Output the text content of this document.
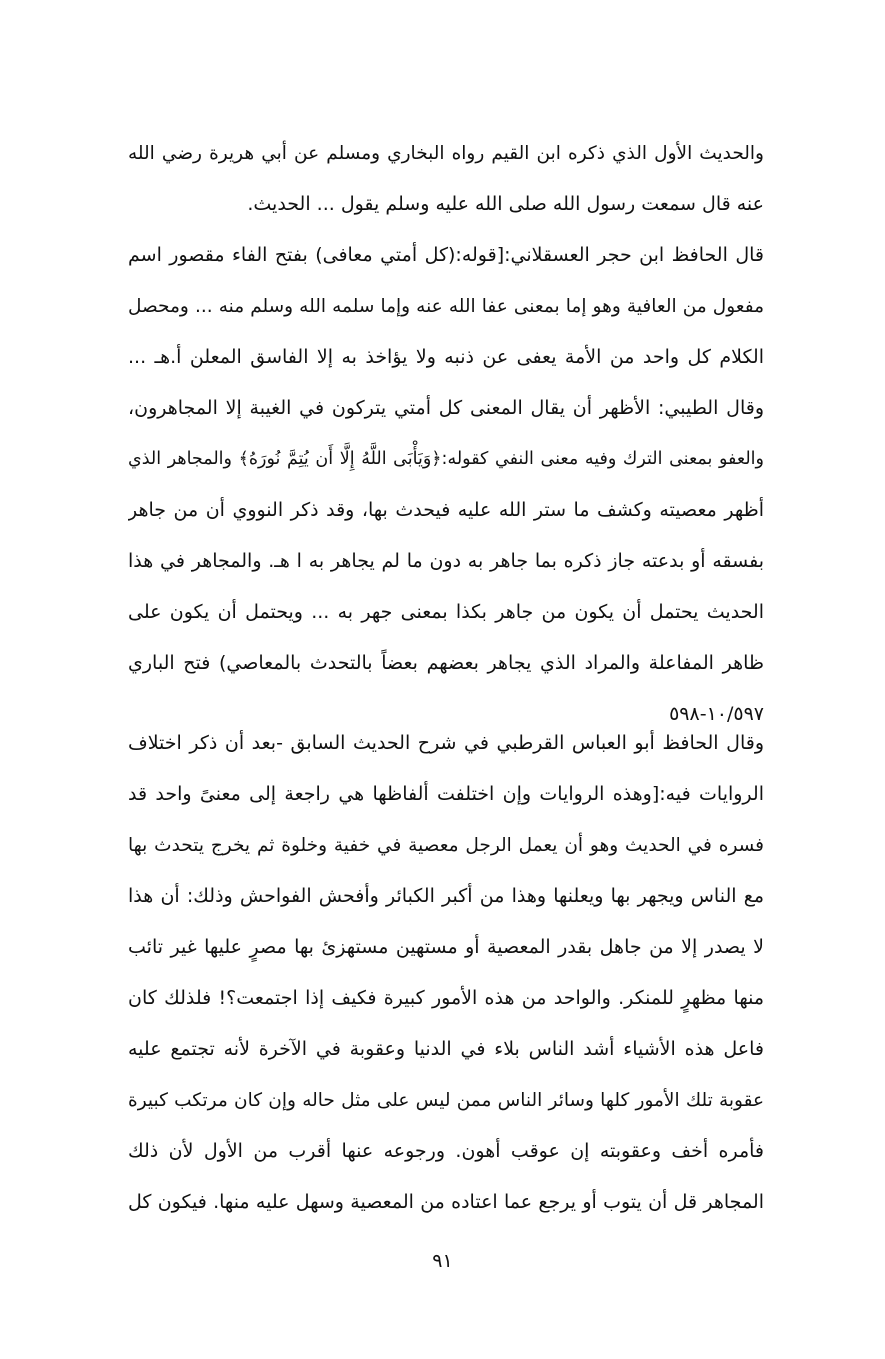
والحديث الأول الذي ذكره ابن القيم رواه البخاري ومسلم عن أبي هريرة رضي الله
عنه قال سمعت رسول الله صلى الله عليه وسلم يقول ... الحديث.
قال الحافظ ابن حجر العسقلاني:[قوله:(كل أمتي معافى) بفتح الفاء مقصور اسم
مفعول من العافية وهو إما بمعنى عفا الله عنه وإما سلمه الله وسلم منه ... ومحصل
الكلام كل واحد من الأمة يعفى عن ذنبه ولا يؤاخذ به إلا الفاسق المعلن أ.هـ ...
وقال الطيبي: الأظهر أن يقال المعنى كل أمتي يتركون في الغيبة إلا المجاهرون،
والعفو بمعنى الترك وفيه معنى النفي كقوله:﴿وَيَأْبَى اللَّهُ إِلَّا أَن يُتِمَّ نُورَهُ﴾ والمجاهر الذي
أظهر معصيته وكشف ما ستر الله عليه فيحدث بها، وقد ذكر النووي أن من جاهر
بفسقه أو بدعته جاز ذكره بما جاهر به دون ما لم يجاهر به ا هـ. والمجاهر في هذا
الحديث يحتمل أن يكون من جاهر بكذا بمعنى جهر به ... ويحتمل أن يكون على
ظاهر المفاعلة والمراد الذي يجاهر بعضهم بعضاً بالتحدث بالمعاصي) فتح الباري
١٠/٥٩٧-٥٩٨
وقال الحافظ أبو العباس القرطبي في شرح الحديث السابق -بعد أن ذكر اختلاف
الروايات فيه:[وهذه الروايات وإن اختلفت ألفاظها هي راجعة إلى معنىً واحد قد
فسره في الحديث وهو أن يعمل الرجل معصية في خفية وخلوة ثم يخرج يتحدث بها
مع الناس ويجهر بها ويعلنها وهذا من أكبر الكبائر وأفحش الفواحش وذلك: أن هذا
لا يصدر إلا من جاهل بقدر المعصية أو مستهين مستهزئ بها مصرٍ عليها غير تائب
منها مظهرٍ للمنكر. والواحد من هذه الأمور كبيرة فكيف إذا اجتمعت؟! فلذلك كان
فاعل هذه الأشياء أشد الناس بلاء في الدنيا وعقوبة في الآخرة لأنه تجتمع عليه
عقوبة تلك الأمور كلها وسائر الناس ممن ليس على مثل حاله وإن كان مرتكب كبيرة
فأمره أخف وعقوبته إن عوقب أهون. ورجوعه عنها أقرب من الأول لأن ذلك
المجاهر قل أن يتوب أو يرجع عما اعتاده من المعصية وسهل عليه منها. فيكون كل
٩١
